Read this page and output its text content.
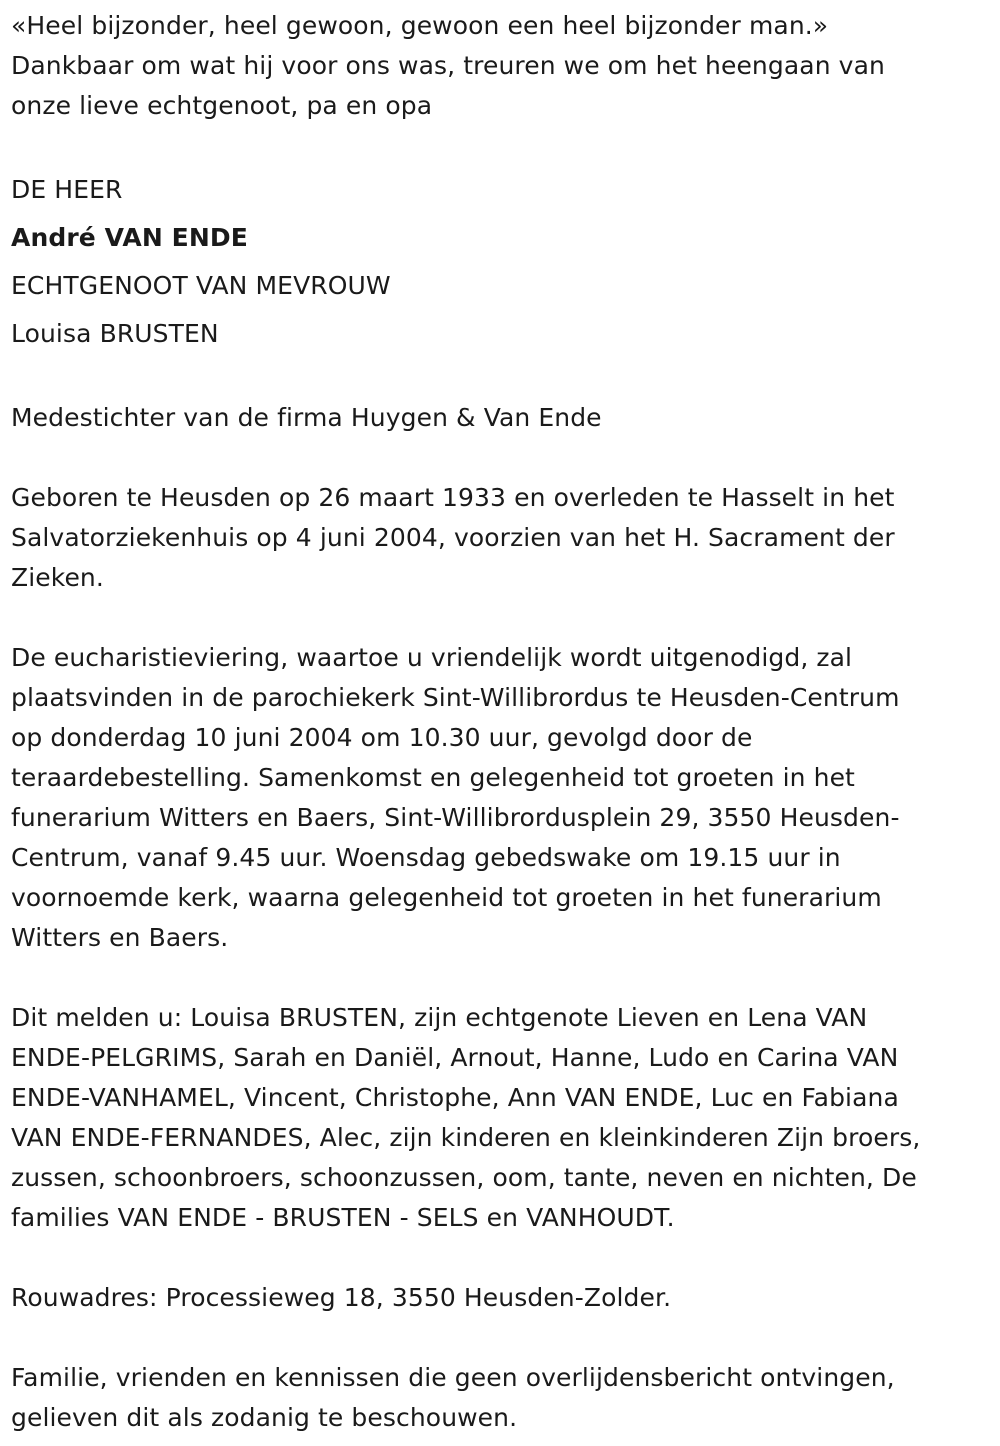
«Heel bijzonder, heel gewoon, gewoon een heel bijzonder man.»
Dankbaar om wat hij voor ons was, treuren we om het heengaan van
onze lieve echtgenoot, pa en opa
DE HEER
André VAN ENDE
ECHTGENOOT VAN MEVROUW
Louisa BRUSTEN
Medestichter van de firma Huygen & Van Ende
Geboren te Heusden op 26 maart 1933 en overleden te Hasselt in het
Salvatorziekenhuis op 4 juni 2004, voorzien van het H. Sacrament der
Zieken.
De eucharistieviering, waartoe u vriendelijk wordt uitgenodigd, zal
plaatsvinden in de parochiekerk Sint-Willibrordus te Heusden-Centrum
op donderdag 10 juni 2004 om 10.30 uur, gevolgd door de
teraardebestelling. Samenkomst en gelegenheid tot groeten in het
funerarium Witters en Baers, Sint-Willibrordusplein 29, 3550 Heusden-
Centrum, vanaf 9.45 uur. Woensdag gebedswake om 19.15 uur in
voornoemde kerk, waarna gelegenheid tot groeten in het funerarium
Witters en Baers.
Dit melden u: Louisa BRUSTEN, zijn echtgenote Lieven en Lena VAN
ENDE-PELGRIMS, Sarah en Daniël, Arnout, Hanne, Ludo en Carina VAN
ENDE-VANHAMEL, Vincent, Christophe, Ann VAN ENDE, Luc en Fabiana
VAN ENDE-FERNANDES, Alec, zijn kinderen en kleinkinderen Zijn broers,
zussen, schoonbroers, schoonzussen, oom, tante, neven en nichten, De
families VAN ENDE - BRUSTEN - SELS en VANHOUDT.
Rouwadres: Processieweg 18, 3550 Heusden-Zolder.
Familie, vrienden en kennissen die geen overlijdensbericht ontvingen,
gelieven dit als zodanig te beschouwen.
